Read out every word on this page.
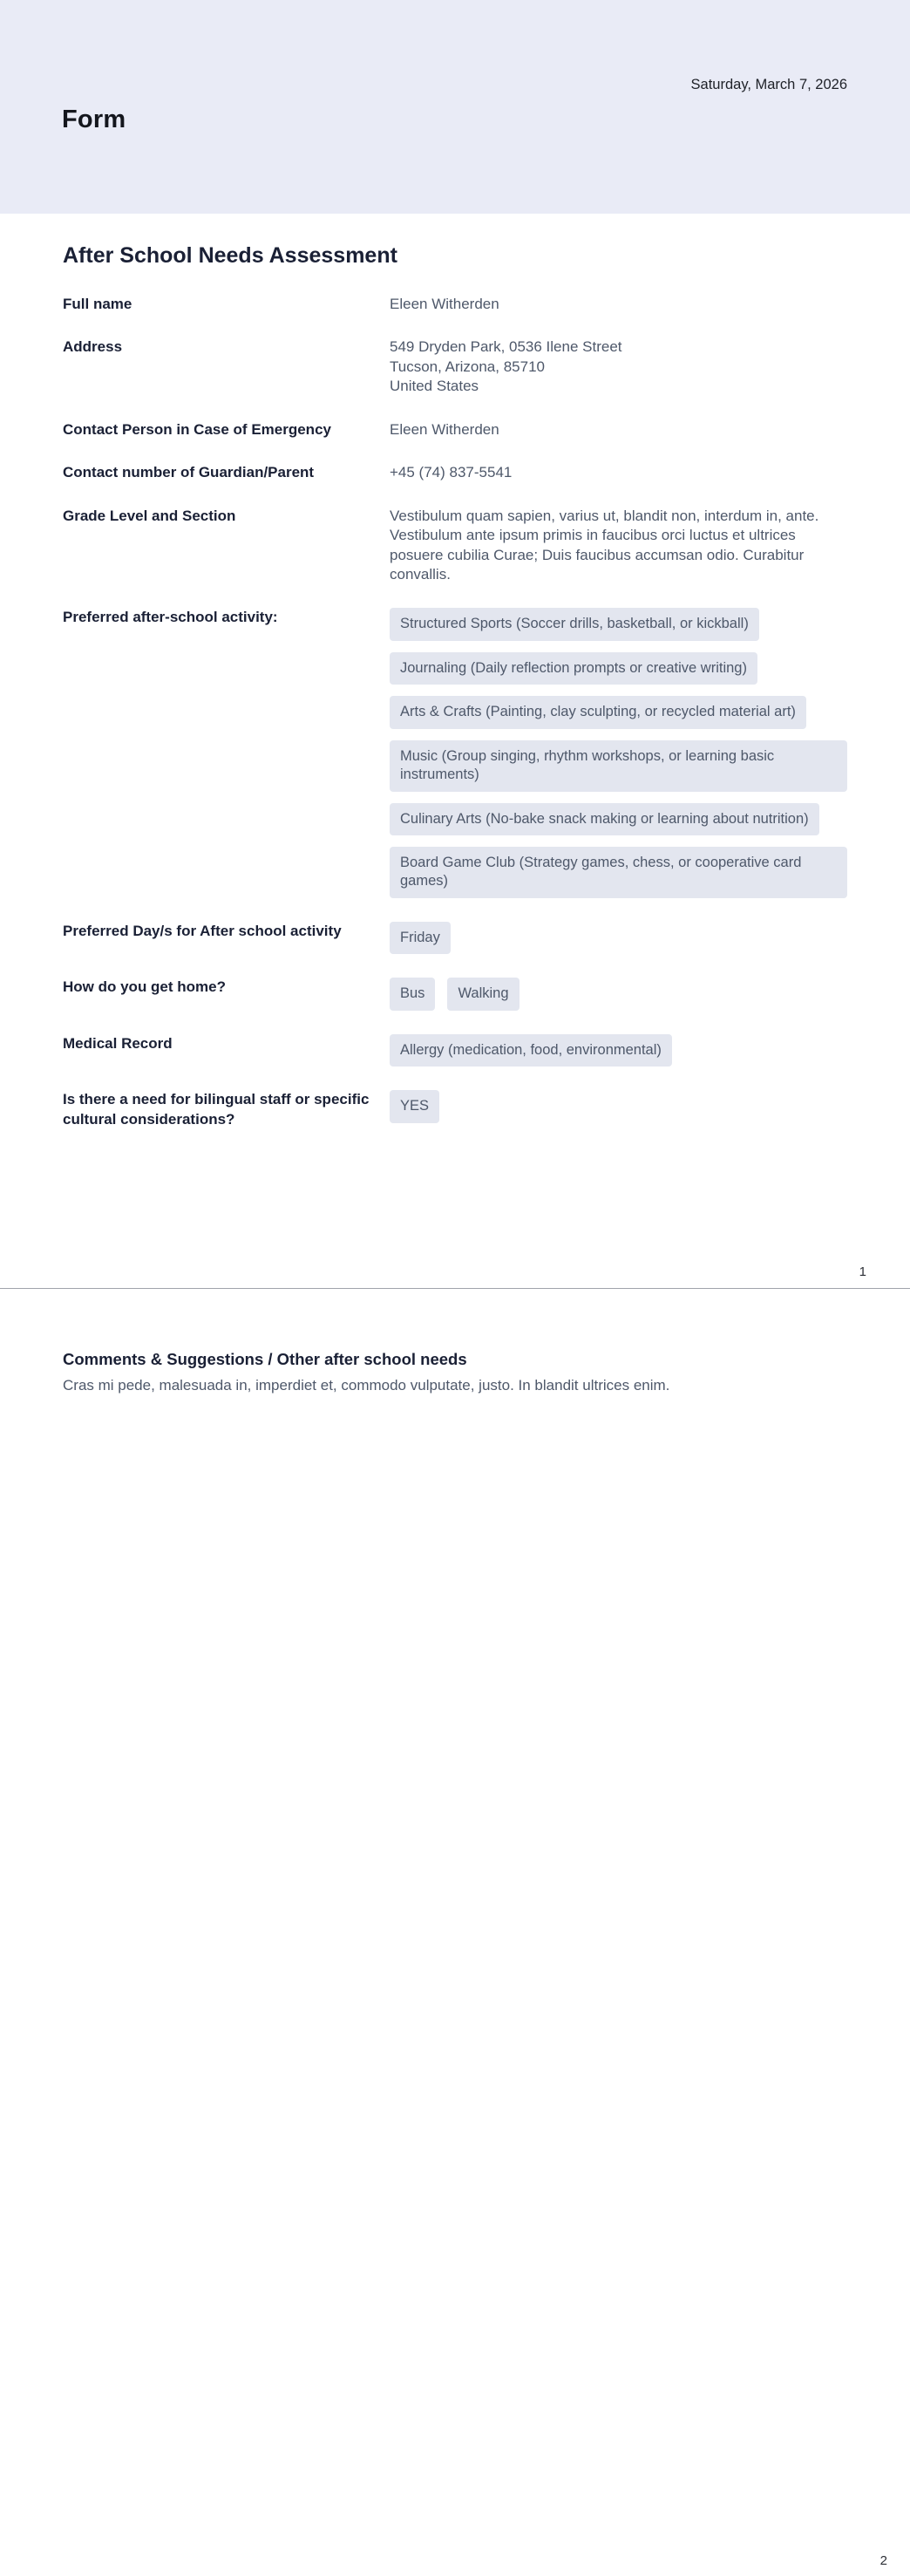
Saturday, March 7, 2026
Form
After School Needs Assessment
Full name	Eleen Witherden
Address	549 Dryden Park, 0536 Ilene Street
Tucson, Arizona, 85710
United States
Contact Person in Case of Emergency	Eleen Witherden
Contact number of Guardian/Parent	+45 (74) 837-5541
Grade Level and Section	Vestibulum quam sapien, varius ut, blandit non, interdum in, ante. Vestibulum ante ipsum primis in faucibus orci luctus et ultrices posuere cubilia Curae; Duis faucibus accumsan odio. Curabitur convallis.
Preferred after-school activity:	Structured Sports (Soccer drills, basketball, or kickball)
Journaling (Daily reflection prompts or creative writing)
Arts & Crafts (Painting, clay sculpting, or recycled material art)
Music (Group singing, rhythm workshops, or learning basic instruments)
Culinary Arts (No-bake snack making or learning about nutrition)
Board Game Club (Strategy games, chess, or cooperative card games)
Preferred Day/s for After school activity	Friday
How do you get home?	Bus	Walking
Medical Record	Allergy (medication, food, environmental)
Is there a need for bilingual staff or specific cultural considerations?
YES
1
Comments & Suggestions / Other after school needs

Cras mi pede, malesuada in, imperdiet et, commodo vulputate, justo. In blandit ultrices enim.

2
